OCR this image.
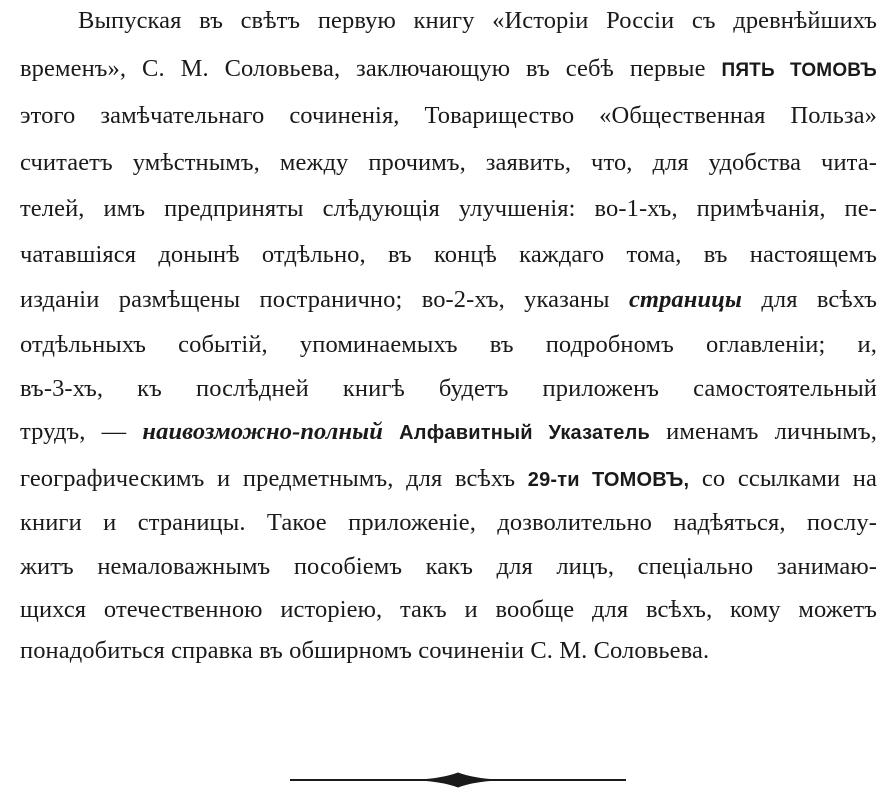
Выпуская въ свѣтъ первую книгу «Исторіи Россіи съ древнѣйшихъ
временъ», С. М. Соловьева, заключающую въ себѣ первые ПЯТЬ ТОМОВЪ
этого замѣчательнаго сочиненія, Товарищество «Общественная Польза»
считаетъ умѣстнымъ, между прочимъ, заявить, что, для удобства чита-
телей, имъ предприняты слѣдующія улучшенія: во-1-хъ, примѣчанія, пе-
чатавшіяся донынѣ отдѣльно, въ концѣ каждаго тома, въ настоящемъ
изданіи размѣщены постранично; во-2-хъ, указаны страницы для всѣхъ
отдѣльныхъ событій, упоминаемыхъ въ подробномъ оглавленіи; и,
въ-3-хъ, къ послѣдней книгѣ будетъ приложенъ самостоятельный
трудъ, — наивозможно-полный Алфавитный Указатель именамъ личнымъ,
географическимъ и предметнымъ, для всѣхъ 29-ти ТОМОВЪ, со ссылками на
книги и страницы. Такое приложеніе, дозволительно надѣяться, послу-
житъ немаловажнымъ пособіемъ какъ для лицъ, спеціально занимаю-
щихся отечественною исторіею, такъ и вообще для всѣхъ, кому можетъ
понадобиться справка въ обширномъ сочиненіи С. М. Соловьева.
